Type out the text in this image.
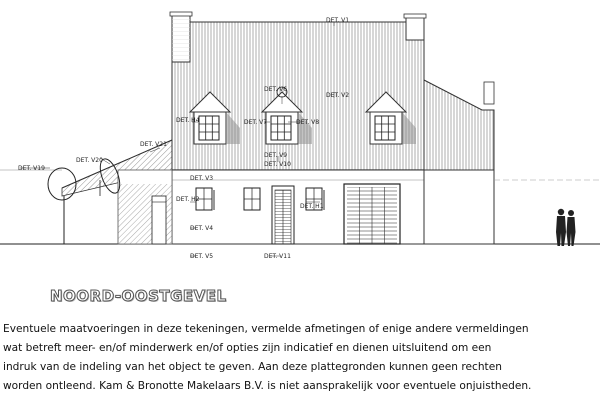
DET. V1
DET. V2
DET. V6
DET. V7	DET. V8
DET. V9
DET. V10
DET. V3
DET. H2
DET. H1
DET. V4
DET. V5	DET. V11
DET. V19
DET. V20
DET. V21
DET. H4
NOORD-OOSTGEVEL

Eventuele maatvoeringen in deze tekeningen, vermelde afmetingen of enige andere vermeldingen
wat betreft meer- en/of minderwerk en/of opties zijn indicatief en dienen uitsluitend om een
indruk van de indeling van het object te geven. Aan deze plattegronden kunnen geen rechten
worden ontleend. Kam & Bronotte Makelaars B.V. is niet aansprakelijk voor eventuele onjuistheden.
